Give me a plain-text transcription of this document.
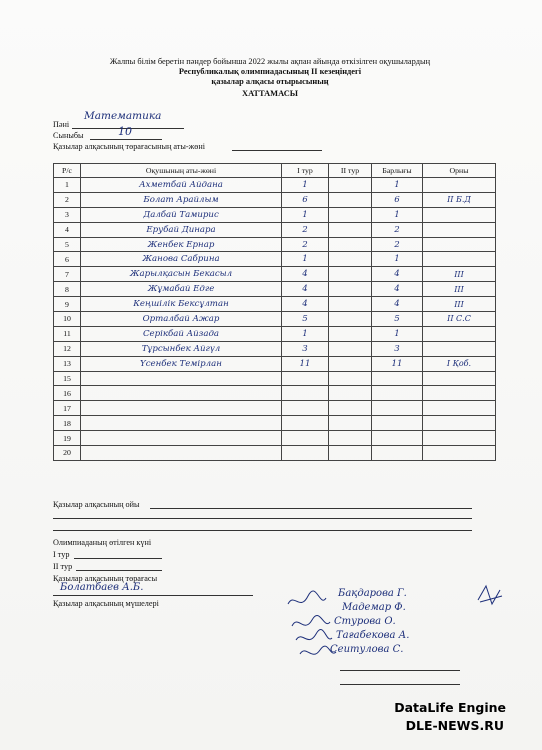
Жалпы білім беретін пәндер бойынша 2022 жылы ақпан айында өткізілген оқушылардың
Республикалық олимпиадасының II кезеңіндегі
қазылар алқасы отырысының
ХАТТАМАСЫ
Пәні
Математика
Сыныбы	10
Қазылар алқасының төрағасының аты-жөні
Р/с	Оқушының аты-жөні	I тур	II тур	Барлығы	Орны
1	Ахметбай Айдана	1		1	
2	Болат Арайлым	6		6	II Б.Д
3	Далбай Тамирис	1		1	
4	Ерубай Динара	2		2	
5	Женбек Ернар	2		2	
6	Жанова Сабрина	1		1	
7	Жарылқасын Бекасыл	4		4	III
8	Жұмабай Едге	4		4	III
9	Кеңшілік Бексұлтан	4		4	III
10	Орталбай Ажар	5		5	II С.С
11	Серікбай Айзада	1		1	
12	Тұрсынбек Айгүл	3		3	
13	Үсенбек Темірлан	11		11	I Қоб.
15					
16					
17					
18					
19					
20					
Қазылар алқасының ойы
Олимпиаданың өтілген күні
I тур
II тур
Қазылар алқасының төрағасы
Болатбаев А.Б.
Қазылар алқасының мүшелері
Бақдарова Г.
Мадемар Ф.
Стурова О.
Тағабекова А.
Сеитулова С.
DataLife Engine
DLE-NEWS.RU
